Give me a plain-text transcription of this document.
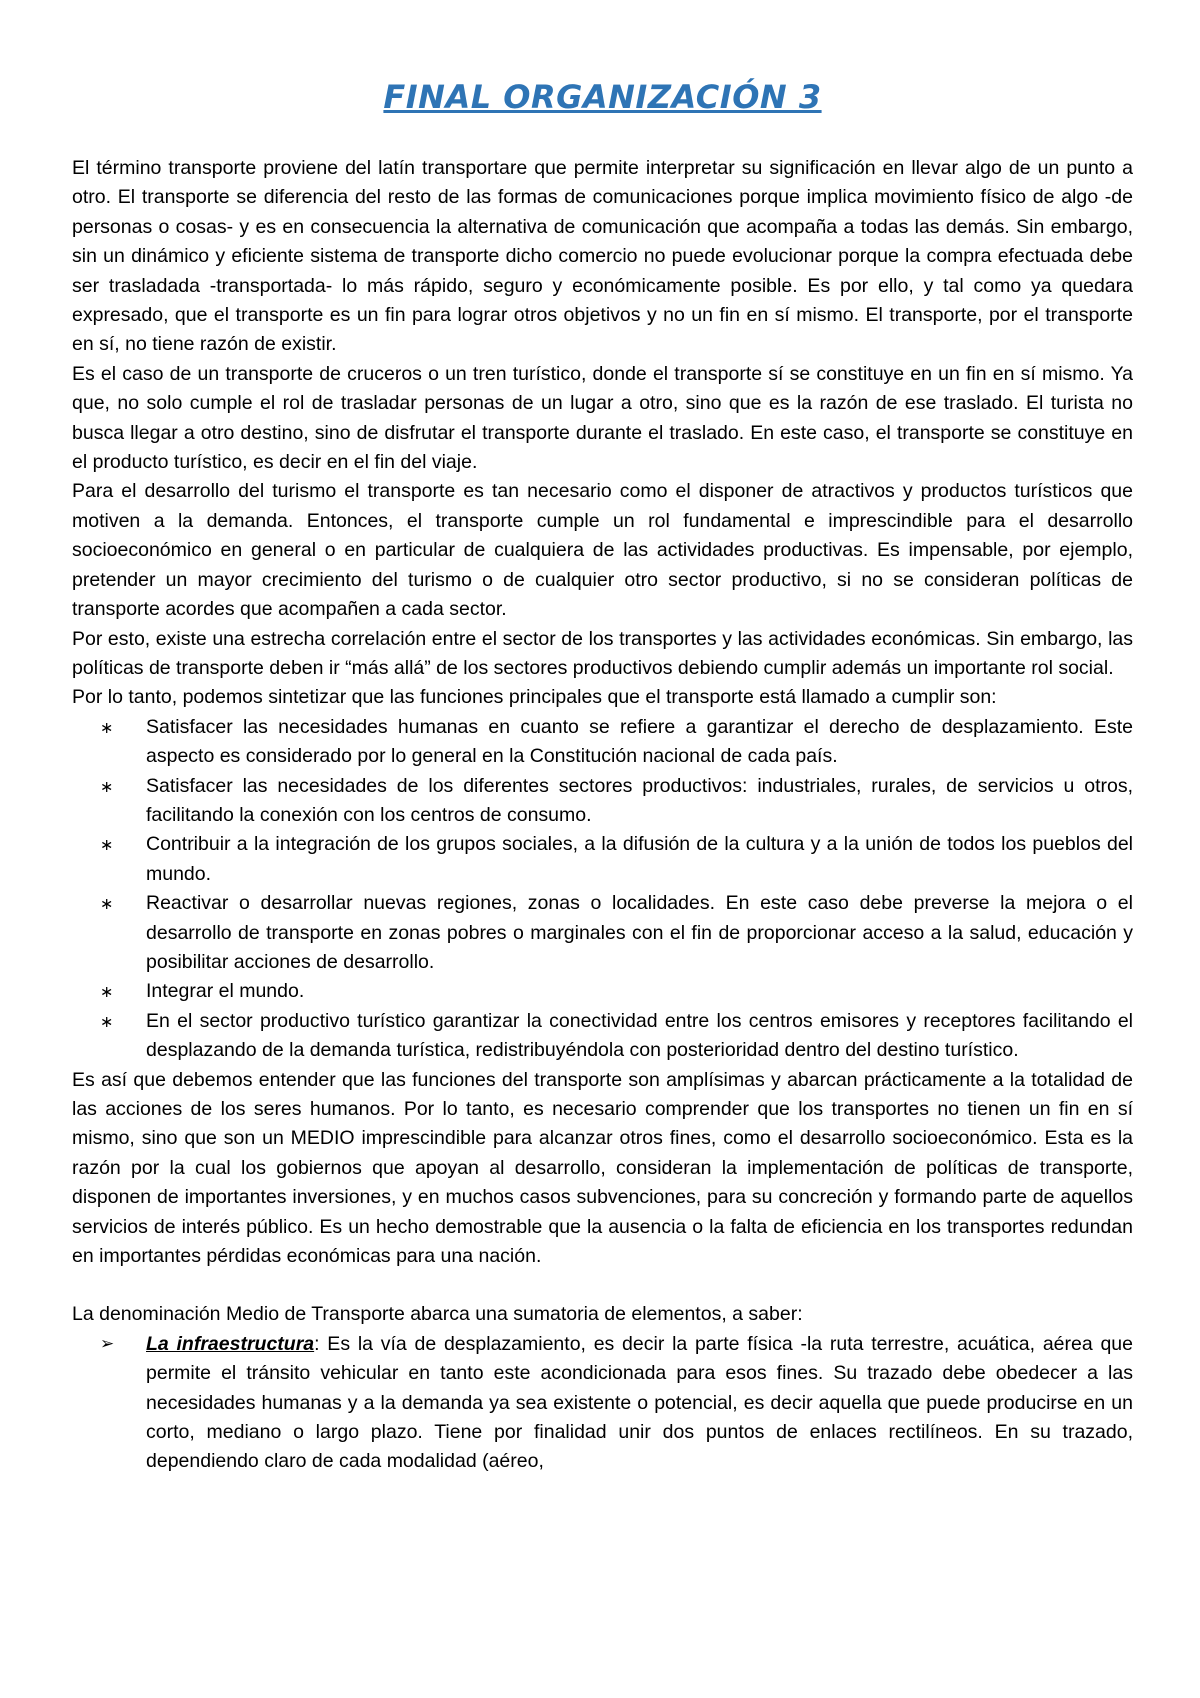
FINAL ORGANIZACIÓN 3

El término transporte proviene del latín transportare que permite interpretar su significación en llevar algo de un punto a otro. El transporte se diferencia del resto de las formas de comunicaciones porque implica movimiento físico de algo -de personas o cosas- y es en consecuencia la alternativa de comunicación que acompaña a todas las demás. Sin embargo, sin un dinámico y eficiente sistema de transporte dicho comercio no puede evolucionar porque la compra efectuada debe ser trasladada -transportada- lo más rápido, seguro y económicamente posible. Es por ello, y tal como ya quedara expresado, que el transporte es un fin para lograr otros objetivos y no un fin en sí mismo. El transporte, por el transporte en sí, no tiene razón de existir.

Es el caso de un transporte de cruceros o un tren turístico, donde el transporte sí se constituye en un fin en sí mismo. Ya que, no solo cumple el rol de trasladar personas de un lugar a otro, sino que es la razón de ese traslado. El turista no busca llegar a otro destino, sino de disfrutar el transporte durante el traslado. En este caso, el transporte se constituye en el producto turístico, es decir en el fin del viaje.

Para el desarrollo del turismo el transporte es tan necesario como el disponer de atractivos y productos turísticos que motiven a la demanda. Entonces, el transporte cumple un rol fundamental e imprescindible para el desarrollo socioeconómico en general o en particular de cualquiera de las actividades productivas. Es impensable, por ejemplo, pretender un mayor crecimiento del turismo o de cualquier otro sector productivo, si no se consideran políticas de transporte acordes que acompañen a cada sector.

Por esto, existe una estrecha correlación entre el sector de los transportes y las actividades económicas. Sin embargo, las políticas de transporte deben ir “más allá” de los sectores productivos debiendo cumplir además un importante rol social.

Por lo tanto, podemos sintetizar que las funciones principales que el transporte está llamado a cumplir son:

∗ Satisfacer las necesidades humanas en cuanto se refiere a garantizar el derecho de desplazamiento. Este aspecto es considerado por lo general en la Constitución nacional de cada país.
∗ Satisfacer las necesidades de los diferentes sectores productivos: industriales, rurales, de servicios u otros, facilitando la conexión con los centros de consumo.
∗ Contribuir a la integración de los grupos sociales, a la difusión de la cultura y a la unión de todos los pueblos del mundo.
∗ Reactivar o desarrollar nuevas regiones, zonas o localidades. En este caso debe preverse la mejora o el desarrollo de transporte en zonas pobres o marginales con el fin de proporcionar acceso a la salud, educación y posibilitar acciones de desarrollo.
∗ Integrar el mundo.
∗ En el sector productivo turístico garantizar la conectividad entre los centros emisores y receptores facilitando el desplazando de la demanda turística, redistribuyéndola con posterioridad dentro del destino turístico.

Es así que debemos entender que las funciones del transporte son amplísimas y abarcan prácticamente a la totalidad de las acciones de los seres humanos. Por lo tanto, es necesario comprender que los transportes no tienen un fin en sí mismo, sino que son un MEDIO imprescindible para alcanzar otros fines, como el desarrollo socioeconómico. Esta es la razón por la cual los gobiernos que apoyan al desarrollo, consideran la implementación de políticas de transporte, disponen de importantes inversiones, y en muchos casos subvenciones, para su concreción y formando parte de aquellos servicios de interés público. Es un hecho demostrable que la ausencia o la falta de eficiencia en los transportes redundan en importantes pérdidas económicas para una nación.

La denominación Medio de Transporte abarca una sumatoria de elementos, a saber:

➢ La infraestructura: Es la vía de desplazamiento, es decir la parte física -la ruta terrestre, acuática, aérea que permite el tránsito vehicular en tanto este acondicionada para esos fines. Su trazado debe obedecer a las necesidades humanas y a la demanda ya sea existente o potencial, es decir aquella que puede producirse en un corto, mediano o largo plazo. Tiene por finalidad unir dos puntos de enlaces rectilíneos. En su trazado, dependiendo claro de cada modalidad (aéreo,
